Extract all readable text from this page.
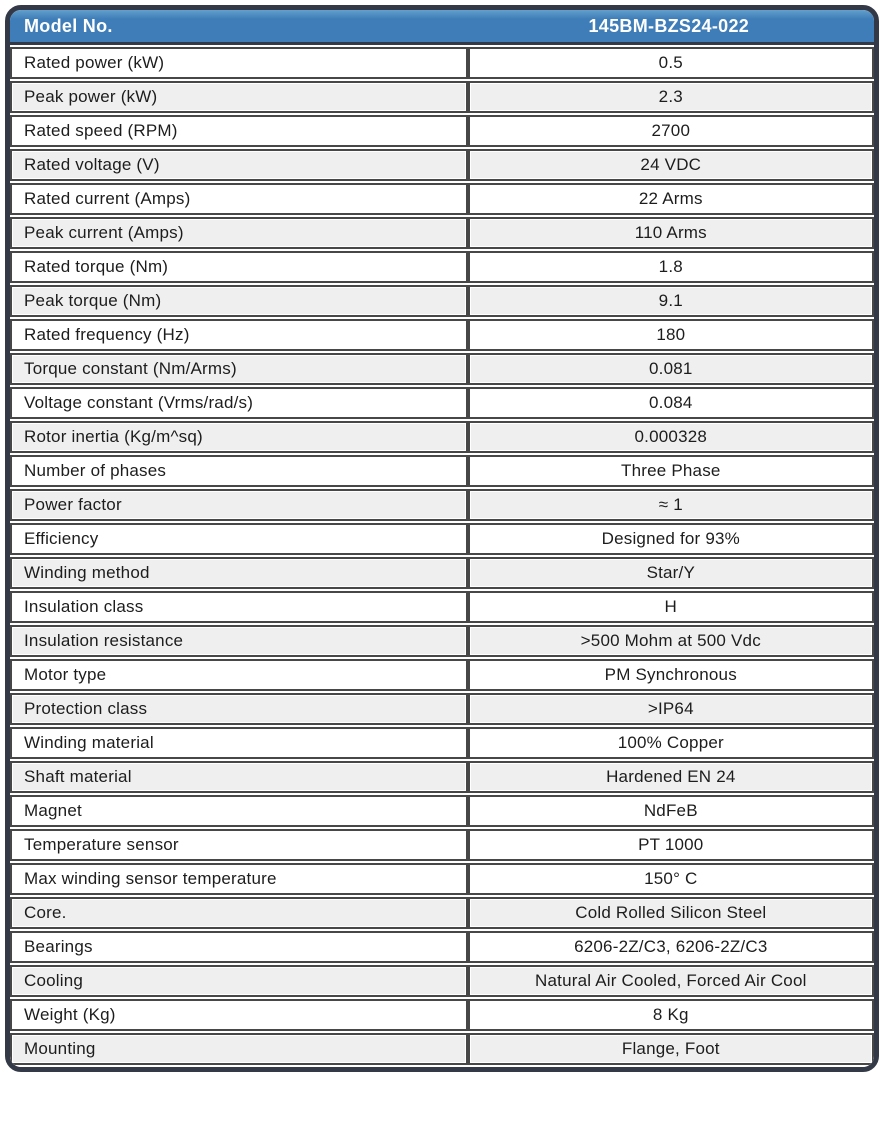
Model No.	145BM-BZS24-022
Rated power (kW)	0.5
Peak power (kW)	2.3
Rated speed (RPM)	2700
Rated voltage (V)	24 VDC
Rated current (Amps)	22 Arms
Peak current (Amps)	110 Arms
Rated torque (Nm)	1.8
Peak torque (Nm)	9.1
Rated frequency (Hz)	180
Torque constant (Nm/Arms)	0.081
Voltage constant (Vrms/rad/s)	0.084
Rotor inertia (Kg/m^sq)	0.000328
Number of phases	Three Phase
Power factor	≈ 1
Efficiency	Designed for 93%
Winding method	Star/Y
Insulation class	H
Insulation resistance	>500 Mohm at 500 Vdc
Motor type	PM Synchronous
Protection class	>IP64
Winding material	100% Copper
Shaft material	Hardened EN 24
Magnet	NdFeB
Temperature sensor	PT 1000
Max winding sensor temperature	150° C
Core.	Cold Rolled Silicon Steel
Bearings	6206-2Z/C3, 6206-2Z/C3
Cooling	Natural Air Cooled, Forced Air Cool
Weight (Kg)	8 Kg
Mounting	Flange, Foot
